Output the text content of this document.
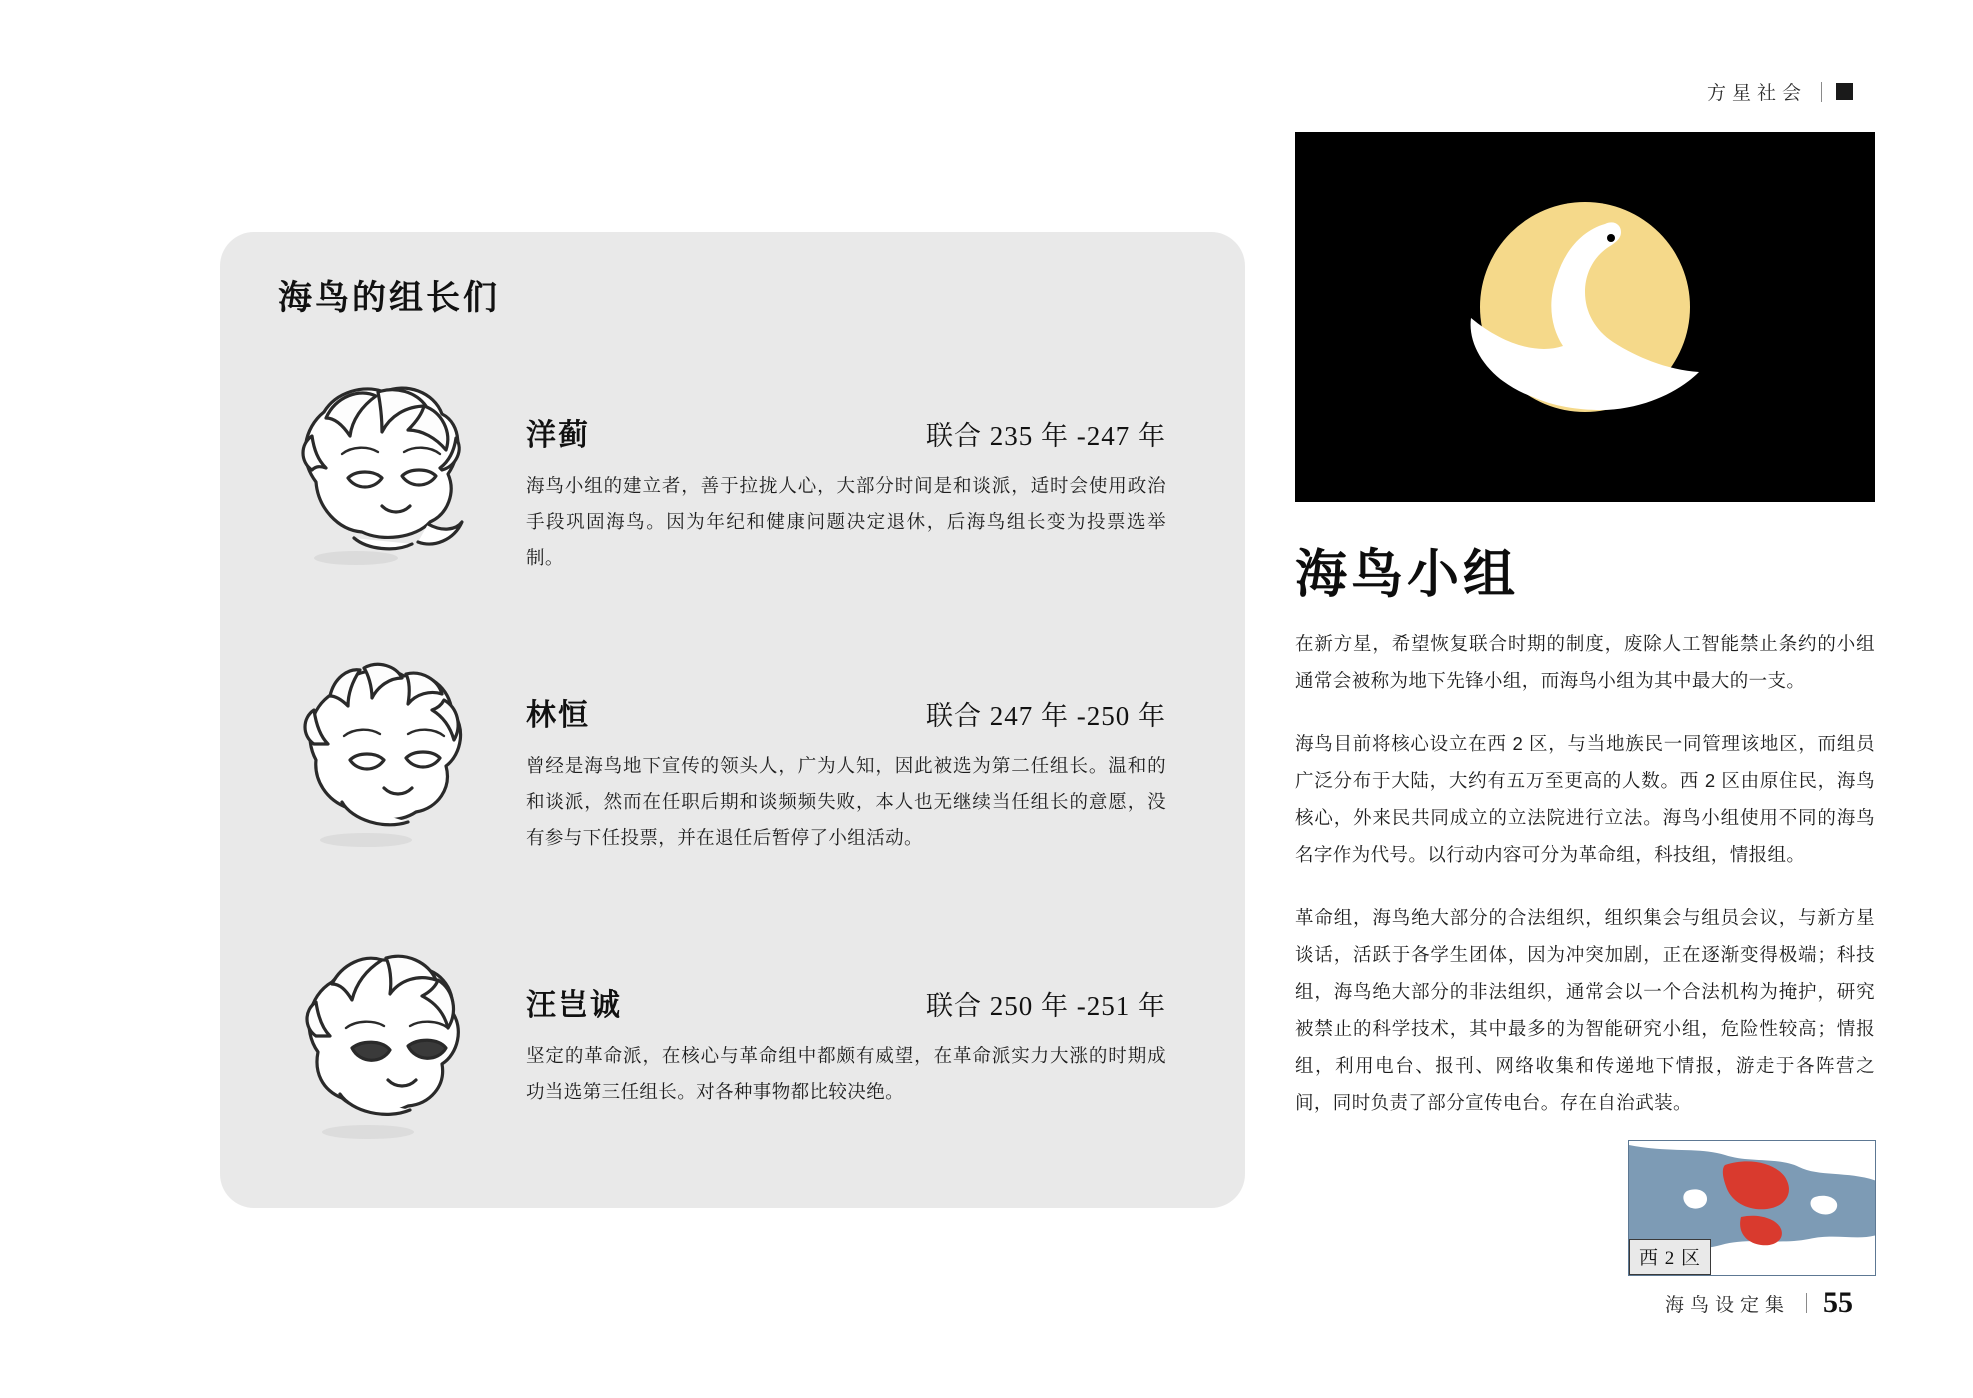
方星社会
海鸟的组长们
洋蓟	联合 235 年 -247 年
海鸟小组的建立者，善于拉拢人心，大部分时间是和谈派，适时会使用政治手段巩固海鸟。因为年纪和健康问题决定退休，后海鸟组长变为投票选举制。
林恒	联合 247 年 -250 年
曾经是海鸟地下宣传的领头人，广为人知，因此被选为第二任组长。温和的和谈派，然而在任职后期和谈频频失败，本人也无继续当任组长的意愿，没有参与下任投票，并在退任后暂停了小组活动。
汪岂诚	联合 250 年 -251 年
坚定的革命派，在核心与革命组中都颇有威望，在革命派实力大涨的时期成功当选第三任组长。对各种事物都比较决绝。
海鸟小组
在新方星，希望恢复联合时期的制度，废除人工智能禁止条约的小组通常会被称为地下先锋小组，而海鸟小组为其中最大的一支。
海鸟目前将核心设立在西 2 区，与当地族民一同管理该地区，而组员广泛分布于大陆，大约有五万至更高的人数。西 2 区由原住民，海鸟核心，外来民共同成立的立法院进行立法。海鸟小组使用不同的海鸟名字作为代号。以行动内容可分为革命组，科技组，情报组。
革命组，海鸟绝大部分的合法组织，组织集会与组员会议，与新方星谈话，活跃于各学生团体，因为冲突加剧，正在逐渐变得极端；科技组，海鸟绝大部分的非法组织，通常会以一个合法机构为掩护，研究被禁止的科学技术，其中最多的为智能研究小组，危险性较高；情报组，利用电台、报刊、网络收集和传递地下情报，游走于各阵营之间，同时负责了部分宣传电台。存在自治武装。
西 2 区
海鸟设定集 55
